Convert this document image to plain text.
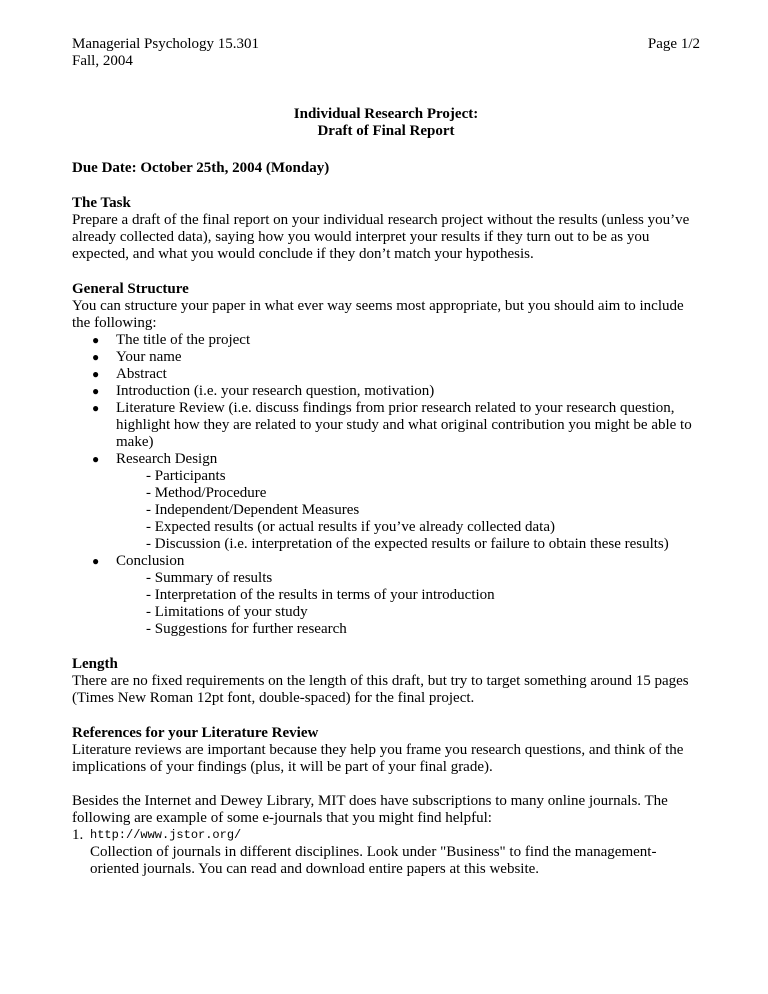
Managerial Psychology 15.301
Fall, 2004
Page 1/2
Individual Research Project:
Draft of Final Report
Due Date: October 25th, 2004 (Monday)
The Task
Prepare a draft of the final report on your individual research project without the results (unless you’ve already collected data), saying how you would interpret your results if they turn out to be as you expected, and what you would conclude if they don’t match your hypothesis.
General Structure
You can structure your paper in what ever way seems most appropriate, but you should aim to include the following:
● The title of the project
● Your name
● Abstract
● Introduction (i.e. your research question, motivation)
● Literature Review (i.e. discuss findings from prior research related to your research question, highlight how they are related to your study and what original contribution you might be able to make)
● Research Design
- Participants
- Method/Procedure
- Independent/Dependent Measures
- Expected results (or actual results if you’ve already collected data)
- Discussion (i.e. interpretation of the expected results or failure to obtain these results)
● Conclusion
- Summary of results
- Interpretation of the results in terms of your introduction
- Limitations of your study
- Suggestions for further research
Length
There are no fixed requirements on the length of this draft, but try to target something around 15 pages (Times New Roman 12pt font, double-spaced) for the final project.
References for your Literature Review
Literature reviews are important because they help you frame you research questions, and think of the implications of your findings (plus, it will be part of your final grade).
Besides the Internet and Dewey Library, MIT does have subscriptions to many online journals. The following are example of some e-journals that you might find helpful:
1. http://www.jstor.org/
Collection of journals in different disciplines. Look under "Business" to find the management-oriented journals. You can read and download entire papers at this website.
